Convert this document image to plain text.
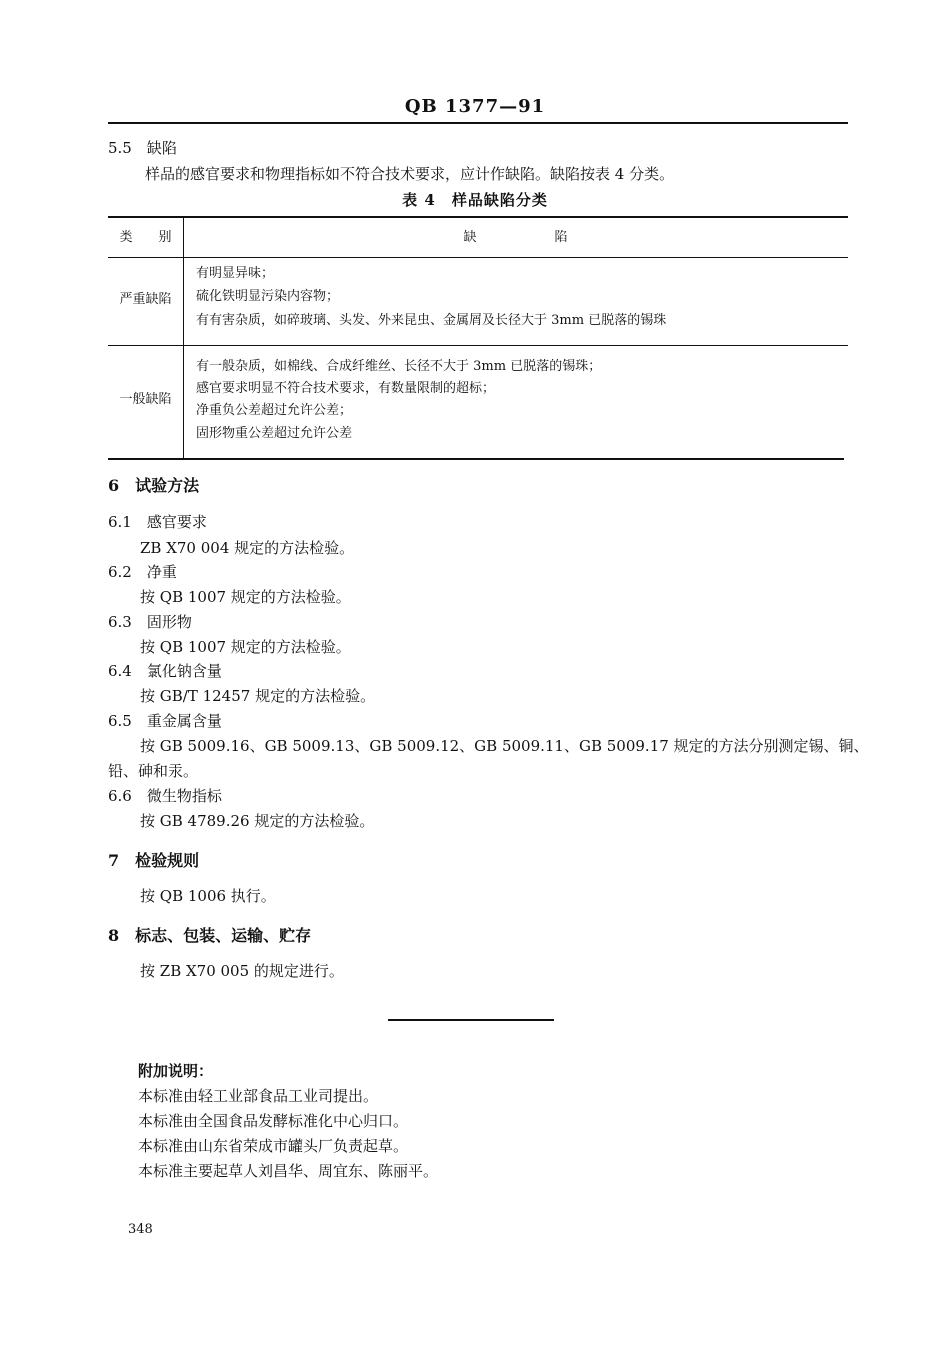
QB 1377—91
5.5　缺陷
样品的感官要求和物理指标如不符合技术要求，应计作缺陷。缺陷按表 4 分类。
表 4　样品缺陷分类
类　　别	缺　　　　　　陷
严重缺陷
有明显异味；
硫化铁明显污染内容物；
有有害杂质，如碎玻璃、头发、外来昆虫、金属屑及长径大于 3mm 已脱落的锡珠
一般缺陷
有一般杂质，如棉线、合成纤维丝、长径不大于 3mm 已脱落的锡珠；
感官要求明显不符合技术要求，有数量限制的超标；
净重负公差超过允许公差；
固形物重公差超过允许公差
6　试验方法
6.1　感官要求
ZB X70 004 规定的方法检验。
6.2　净重
按 QB 1007 规定的方法检验。
6.3　固形物
按 QB 1007 规定的方法检验。
6.4　氯化钠含量
按 GB/T 12457 规定的方法检验。
6.5　重金属含量
按 GB 5009.16、GB 5009.13、GB 5009.12、GB 5009.11、GB 5009.17 规定的方法分别测定锡、铜、
铅、砷和汞。
6.6　微生物指标
按 GB 4789.26 规定的方法检验。
7　检验规则
按 QB 1006 执行。
8　标志、包装、运输、贮存
按 ZB X70 005 的规定进行。
附加说明：
本标准由轻工业部食品工业司提出。
本标准由全国食品发酵标准化中心归口。
本标准由山东省荣成市罐头厂负责起草。
本标准主要起草人刘昌华、周宜东、陈丽平。
348
